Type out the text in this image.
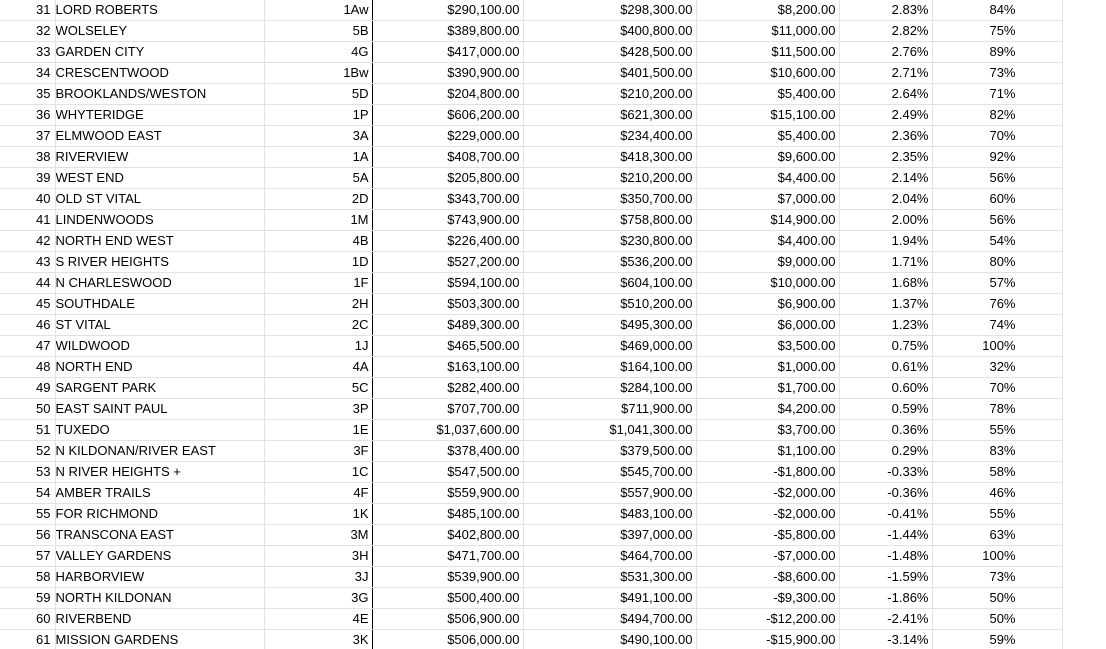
31	LORD ROBERTS	1Aw	$290,100.00	$298,300.00	$8,200.00	2.83%	84%
32	WOLSELEY	5B	$389,800.00	$400,800.00	$11,000.00	2.82%	75%
33	GARDEN CITY	4G	$417,000.00	$428,500.00	$11,500.00	2.76%	89%
34	CRESCENTWOOD	1Bw	$390,900.00	$401,500.00	$10,600.00	2.71%	73%
35	BROOKLANDS/WESTON	5D	$204,800.00	$210,200.00	$5,400.00	2.64%	71%
36	WHYTERIDGE	1P	$606,200.00	$621,300.00	$15,100.00	2.49%	82%
37	ELMWOOD EAST	3A	$229,000.00	$234,400.00	$5,400.00	2.36%	70%
38	RIVERVIEW	1A	$408,700.00	$418,300.00	$9,600.00	2.35%	92%
39	WEST END	5A	$205,800.00	$210,200.00	$4,400.00	2.14%	56%
40	OLD ST VITAL	2D	$343,700.00	$350,700.00	$7,000.00	2.04%	60%
41	LINDENWOODS	1M	$743,900.00	$758,800.00	$14,900.00	2.00%	56%
42	NORTH END WEST	4B	$226,400.00	$230,800.00	$4,400.00	1.94%	54%
43	S RIVER HEIGHTS	1D	$527,200.00	$536,200.00	$9,000.00	1.71%	80%
44	N CHARLESWOOD	1F	$594,100.00	$604,100.00	$10,000.00	1.68%	57%
45	SOUTHDALE	2H	$503,300.00	$510,200.00	$6,900.00	1.37%	76%
46	ST VITAL	2C	$489,300.00	$495,300.00	$6,000.00	1.23%	74%
47	WILDWOOD	1J	$465,500.00	$469,000.00	$3,500.00	0.75%	100%
48	NORTH END	4A	$163,100.00	$164,100.00	$1,000.00	0.61%	32%
49	SARGENT PARK	5C	$282,400.00	$284,100.00	$1,700.00	0.60%	70%
50	EAST SAINT PAUL	3P	$707,700.00	$711,900.00	$4,200.00	0.59%	78%
51	TUXEDO	1E	$1,037,600.00	$1,041,300.00	$3,700.00	0.36%	55%
52	N KILDONAN/RIVER EAST	3F	$378,400.00	$379,500.00	$1,100.00	0.29%	83%
53	N RIVER HEIGHTS +	1C	$547,500.00	$545,700.00	-$1,800.00	-0.33%	58%
54	AMBER TRAILS	4F	$559,900.00	$557,900.00	-$2,000.00	-0.36%	46%
55	FOR RICHMOND	1K	$485,100.00	$483,100.00	-$2,000.00	-0.41%	55%
56	TRANSCONA EAST	3M	$402,800.00	$397,000.00	-$5,800.00	-1.44%	63%
57	VALLEY GARDENS	3H	$471,700.00	$464,700.00	-$7,000.00	-1.48%	100%
58	HARBORVIEW	3J	$539,900.00	$531,300.00	-$8,600.00	-1.59%	73%
59	NORTH KILDONAN	3G	$500,400.00	$491,100.00	-$9,300.00	-1.86%	50%
60	RIVERBEND	4E	$506,900.00	$494,700.00	-$12,200.00	-2.41%	50%
61	MISSION GARDENS	3K	$506,000.00	$490,100.00	-$15,900.00	-3.14%	59%
